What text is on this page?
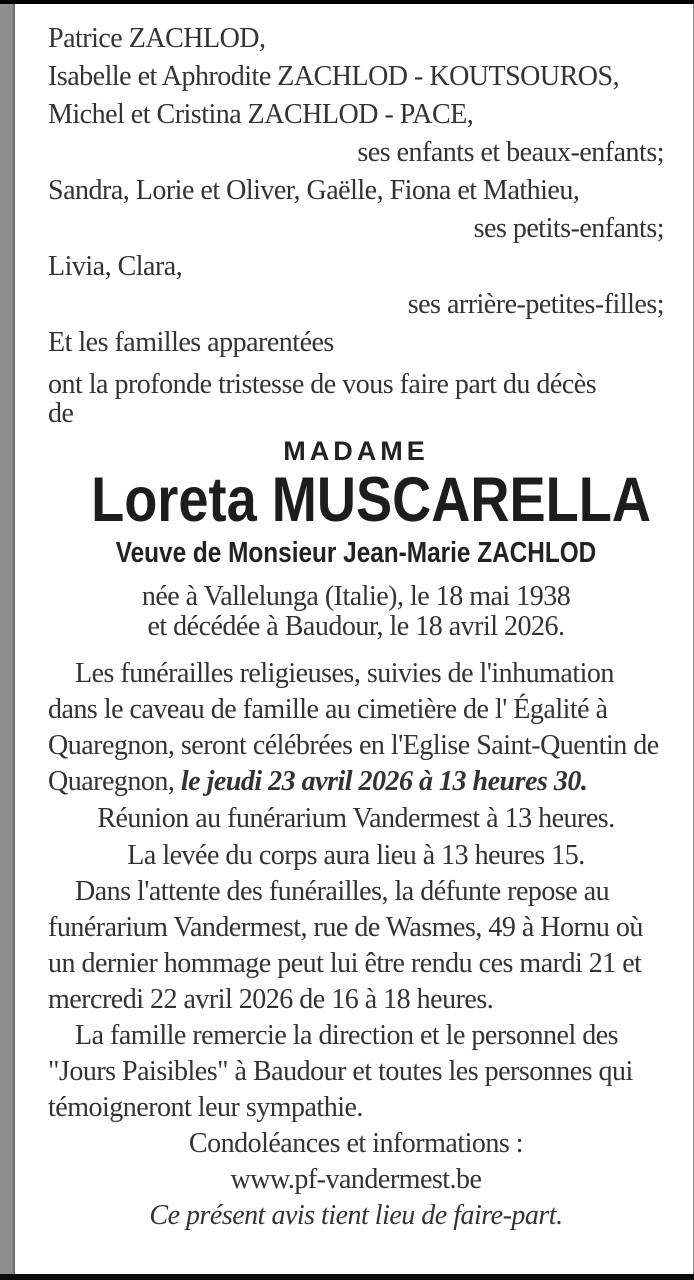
Patrice ZACHLOD,
Isabelle et Aphrodite ZACHLOD - KOUTSOUROS,
Michel et Cristina ZACHLOD - PACE,
ses enfants et beaux-enfants;
Sandra, Lorie et Oliver, Gaëlle, Fiona et Mathieu,
ses petits-enfants;
Livia, Clara,
ses arrière-petites-filles;
Et les familles apparentées
ont la profonde tristesse de vous faire part du décès
de
MADAME
Loreta MUSCARELLA
Veuve de Monsieur Jean-Marie ZACHLOD
née à Vallelunga (Italie), le 18 mai 1938
et décédée à Baudour, le 18 avril 2026.
Les funérailles religieuses, suivies de l'inhumation
dans le caveau de famille au cimetière de l' Égalité à
Quaregnon, seront célébrées en l'Eglise Saint-Quentin de
Quaregnon, le jeudi 23 avril 2026 à 13 heures 30.
Réunion au funérarium Vandermest à 13 heures.
La levée du corps aura lieu à 13 heures 15.
Dans l'attente des funérailles, la défunte repose au
funérarium Vandermest, rue de Wasmes, 49 à Hornu où
un dernier hommage peut lui être rendu ces mardi 21 et
mercredi 22 avril 2026 de 16 à 18 heures.
La famille remercie la direction et le personnel des
"Jours Paisibles" à Baudour et toutes les personnes qui
témoigneront leur sympathie.
Condoléances et informations :
www.pf-vandermest.be
Ce présent avis tient lieu de faire-part.
